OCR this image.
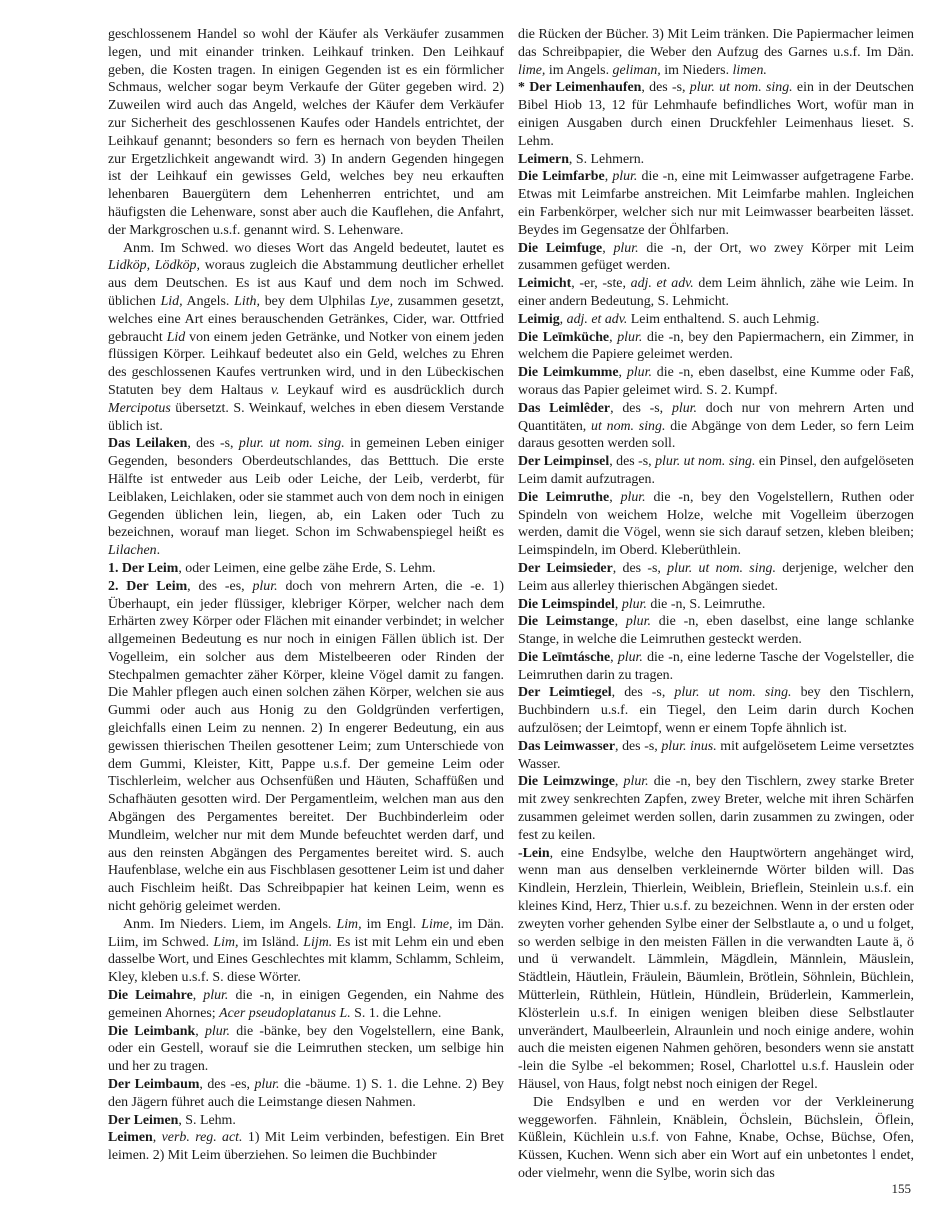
geschlossenem Handel so wohl der Käufer als Verkäufer zusammen legen, und mit einander trinken. Leihkauf trinken. Den Leihkauf geben, die Kosten tragen. In einigen Gegenden ist es ein förmlicher Schmaus, welcher sogar beym Verkaufe der Güter gegeben wird. 2) Zuweilen wird auch das Angeld, welches der Käufer dem Verkäufer zur Sicherheit des geschlossenen Kaufes oder Handels entrichtet, der Leihkauf genannt; besonders so fern es hernach von beyden Theilen zur Ergetzlichkeit angewandt wird. 3) In andern Gegenden hingegen ist der Leihkauf ein gewisses Geld, welches bey neu erkauften lehenbaren Bauergütern dem Lehenherren entrichtet, und am häufigsten die Lehenware, sonst aber auch die Kauflehen, die Anfahrt, der Markgroschen u.s.f. genannt wird. S. Lehenware.

Anm. Im Schwed. wo dieses Wort das Angeld bedeutet, lautet es Lidköp, Lödköp, woraus zugleich die Abstammung deutlicher erhellet aus dem Deutschen. Es ist aus Kauf und dem noch im Schwed. üblichen Lid, Angels. Lith, bey dem Ulphilas Lye, zusammen gesetzt, welches eine Art eines berauschenden Getränkes, Cider, war. Ottfried gebraucht Lid von einem jeden Getränke, und Notker von einem jeden flüssigen Körper. Leihkauf bedeutet also ein Geld, welches zu Ehren des geschlossenen Kaufes vertrunken wird, und in den Lübeckischen Statuten bey dem Haltaus v. Leykauf wird es ausdrücklich durch Mercipotus übersetzt. S. Weinkauf, welches in eben diesem Verstande üblich ist.

Das Leilaken, des -s, plur. ut nom. sing. in gemeinen Leben einiger Gegenden, besonders Oberdeutschlandes, das Betttuch. Die erste Hälfte ist entweder aus Leib oder Leiche, der Leib, verderbt, für Leiblaken, Leichlaken, oder sie stammet auch von dem noch in einigen Gegenden üblichen lein, liegen, ab, ein Laken oder Tuch zu bezeichnen, worauf man lieget. Schon im Schwabenspiegel heißt es Lilachen.

1. Der Leim, oder Leimen, eine gelbe zähe Erde, S. Lehm.

2. Der Leim, des -es, plur. doch von mehrern Arten, die -e. 1) Überhaupt, ein jeder flüssiger, klebriger Körper, welcher nach dem Erhärten zwey Körper oder Flächen mit einander verbindet; in welcher allgemeinen Bedeutung es nur noch in einigen Fällen üblich ist. Der Vogelleim, ein solcher aus dem Mistelbeeren oder Rinden der Stechpalmen gemachter zäher Körper, kleine Vögel damit zu fangen. Die Mahler pflegen auch einen solchen zähen Körper, welchen sie aus Gummi oder auch aus Honig zu den Goldgründen verfertigen, gleichfalls einen Leim zu nennen. 2) In engerer Bedeutung, ein aus gewissen thierischen Theilen gesottener Leim; zum Unterschiede von dem Gummi, Kleister, Kitt, Pappe u.s.f. Der gemeine Leim oder Tischlerleim, welcher aus Ochsenfüßen und Häuten, Schaffüßen und Schafhäuten gesotten wird. Der Pergamentleim, welchen man aus den Abgängen des Pergamentes bereitet. Der Buchbinderleim oder Mundleim, welcher nur mit dem Munde befeuchtet werden darf, und aus den reinsten Abgängen des Pergamentes bereitet wird. S. auch Haufenblase, welche ein aus Fischblasen gesottener Leim ist und daher auch Fischleim heißt. Das Schreibpapier hat keinen Leim, wenn es nicht gehörig geleimet werden.

Anm. Im Nieders. Liem, im Angels. Lim, im Engl. Lime, im Dän. Liim, im Schwed. Lim, im Isländ. Lijm. Es ist mit Lehm ein und eben dasselbe Wort, und Eines Geschlechtes mit klamm, Schlamm, Schleim, Kley, kleben u.s.f. S. diese Wörter.

Die Leimahre, plur. die -n, in einigen Gegenden, ein Nahme des gemeinen Ahornes; Acer pseudoplatanus L. S. 1. die Lehne.

Die Leimbank, plur. die -bänke, bey den Vogelstellern, eine Bank, oder ein Gestell, worauf sie die Leimruthen stecken, um selbige hin und her zu tragen.

Der Leimbaum, des -es, plur. die -bäume. 1) S. 1. die Lehne. 2) Bey den Jägern führet auch die Leimstange diesen Nahmen.

Der Leimen, S. Lehm.

Leimen, verb. reg. act. 1) Mit Leim verbinden, befestigen. Ein Bret leimen. 2) Mit Leim überziehen. So leimen die Buchbinder

die Rücken der Bücher. 3) Mit Leim tränken. Die Papiermacher leimen das Schreibpapier, die Weber den Aufzug des Garnes u.s.f. Im Dän. lime, im Angels. geliman, im Nieders. limen.

* Der Leimenhaufen, des -s, plur. ut nom. sing. ein in der Deutschen Bibel Hiob 13, 12 für Lehmhaufe befindliches Wort, wofür man in einigen Ausgaben durch einen Druckfehler Leimenhaus lieset. S. Lehm.

Leimern, S. Lehmern.

Die Leimfarbe, plur. die -n, eine mit Leimwasser aufgetragene Farbe. Etwas mit Leimfarbe anstreichen. Mit Leimfarbe mahlen. Ingleichen ein Farbenkörper, welcher sich nur mit Leimwasser bearbeiten lässet. Beydes im Gegensatze der Öhlfarben.

Die Leimfuge, plur. die -n, der Ort, wo zwey Körper mit Leim zusammen gefüget werden.

Leimicht, -er, -ste, adj. et adv. dem Leim ähnlich, zähe wie Leim. In einer andern Bedeutung, S. Lehmicht.

Leimig, adj. et adv. Leim enthaltend. S. auch Lehmig.

Die Leīmküche, plur. die -n, bey den Papiermachern, ein Zimmer, in welchem die Papiere geleimet werden.

Die Leimkumme, plur. die -n, eben daselbst, eine Kumme oder Faß, woraus das Papier geleimet wird. S. 2. Kumpf.

Das Leimlêder, des -s, plur. doch nur von mehrern Arten und Quantitäten, ut nom. sing. die Abgänge von dem Leder, so fern Leim daraus gesotten werden soll.

Der Leimpinsel, des -s, plur. ut nom. sing. ein Pinsel, den aufgelöseten Leim damit aufzutragen.

Die Leimruthe, plur. die -n, bey den Vogelstellern, Ruthen oder Spindeln von weichem Holze, welche mit Vogelleim überzogen werden, damit die Vögel, wenn sie sich darauf setzen, kleben bleiben; Leimspindeln, im Oberd. Kleberüthlein.

Der Leimsieder, des -s, plur. ut nom. sing. derjenige, welcher den Leim aus allerley thierischen Abgängen siedet.

Die Leimspindel, plur. die -n, S. Leimruthe.

Die Leimstange, plur. die -n, eben daselbst, eine lange schlanke Stange, in welche die Leimruthen gesteckt werden.

Die Leīmtásche, plur. die -n, eine lederne Tasche der Vogelsteller, die Leimruthen darin zu tragen.

Der Leimtiegel, des -s, plur. ut nom. sing. bey den Tischlern, Buchbindern u.s.f. ein Tiegel, den Leim darin durch Kochen aufzulösen; der Leimtopf, wenn er einem Topfe ähnlich ist.

Das Leimwasser, des -s, plur. inus. mit aufgelösetem Leime versetztes Wasser.

Die Leimzwinge, plur. die -n, bey den Tischlern, zwey starke Breter mit zwey senkrechten Zapfen, zwey Breter, welche mit ihren Schärfen zusammen geleimet werden sollen, darin zusammen zu zwingen, oder fest zu keilen.

-Lein, eine Endsylbe, welche den Hauptwörtern angehänget wird, wenn man aus denselben verkleinernde Wörter bilden will. Das Kindlein, Herzlein, Thierlein, Weiblein, Brieflein, Steinlein u.s.f. ein kleines Kind, Herz, Thier u.s.f. zu bezeichnen. Wenn in der ersten oder zweyten vorher gehenden Sylbe einer der Selbstlaute a, o und u folget, so werden selbige in den meisten Fällen in die verwandten Laute ä, ö und ü verwandelt. Lämmlein, Mägdlein, Männlein, Mäuslein, Städtlein, Häutlein, Fräulein, Bäumlein, Brötlein, Söhnlein, Büchlein, Mütterlein, Rüthlein, Hütlein, Hündlein, Brüderlein, Kammerlein, Klösterlein u.s.f. In einigen wenigen bleiben diese Selbstlauter unverändert, Maulbeerlein, Alraunlein und noch einige andere, wohin auch die meisten eigenen Nahmen gehören, besonders wenn sie anstatt -lein die Sylbe -el bekommen; Rosel, Charlottel u.s.f. Hauslein oder Häusel, von Haus, folgt nebst noch einigen der Regel.

Die Endsylben e und en werden vor der Verkleinerung weggeworfen. Fähnlein, Knäblein, Öchslein, Büchslein, Öflein, Küßlein, Küchlein u.s.f. von Fahne, Knabe, Ochse, Büchse, Ofen, Küssen, Kuchen. Wenn sich aber ein Wort auf ein unbetontes l endet, oder vielmehr, wenn die Sylbe, worin sich das

155
